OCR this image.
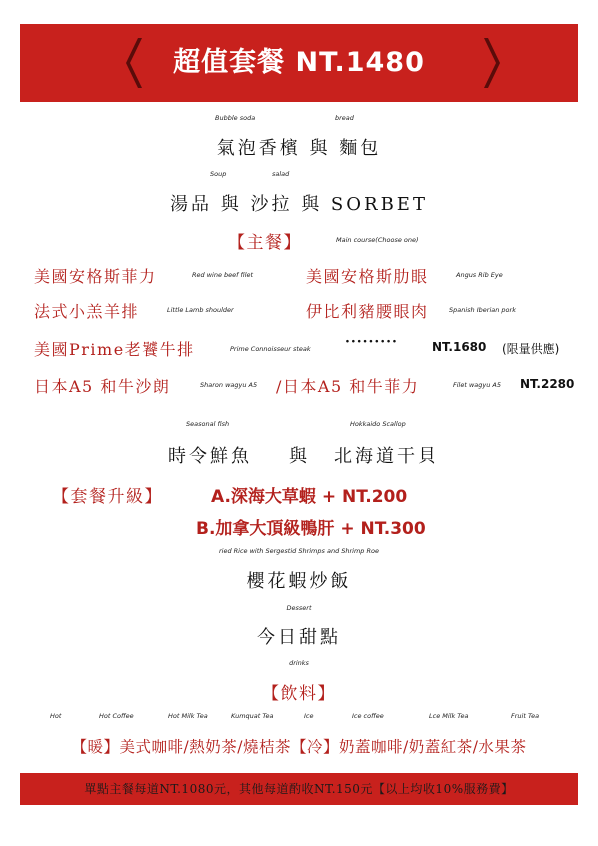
超值套餐 NT.1480
Bubble soda	bread
氣泡香檳 與 麵包
Soup	salad
湯品 與 沙拉 與 SORBET
【主餐】	Main course(Choose one)
美國安格斯菲力	Red wine beef filet	美國安格斯肋眼	Angus Rib Eye
法式小羔羊排	Little Lamb shoulder	伊比利豬腰眼肉	Spanish Iberian pork
美國Prime老饕牛排	Prime Connoisseur steak ·········	NT.1680 (限量供應)
日本A5 和牛沙朗	Sharon wagyu A5 /日本A5 和牛菲力	Filet wagyu A5 NT.2280
Seasonal fish	Hokkaido Scallop
時令鮮魚 與 北海道干貝
【套餐升級】	A.深海大草蝦 + NT.200
B.加拿大頂級鴨肝 + NT.300
ried Rice with Sergestid Shrimps and Shrimp Roe
櫻花蝦炒飯
Dessert
今日甜點
drinks
【飲料】
Hot	Hot Coffee	Hot Milk Tea	Kumquat Tea	Ice	Ice coffee	Lce Milk Tea	Fruit Tea
【暖】美式咖啡/熱奶茶/燒桔茶【冷】奶蓋咖啡/奶蓋紅茶/水果茶
單點主餐每道NT.1080元，其他每道酌收NT.150元【以上均收10%服務費】
